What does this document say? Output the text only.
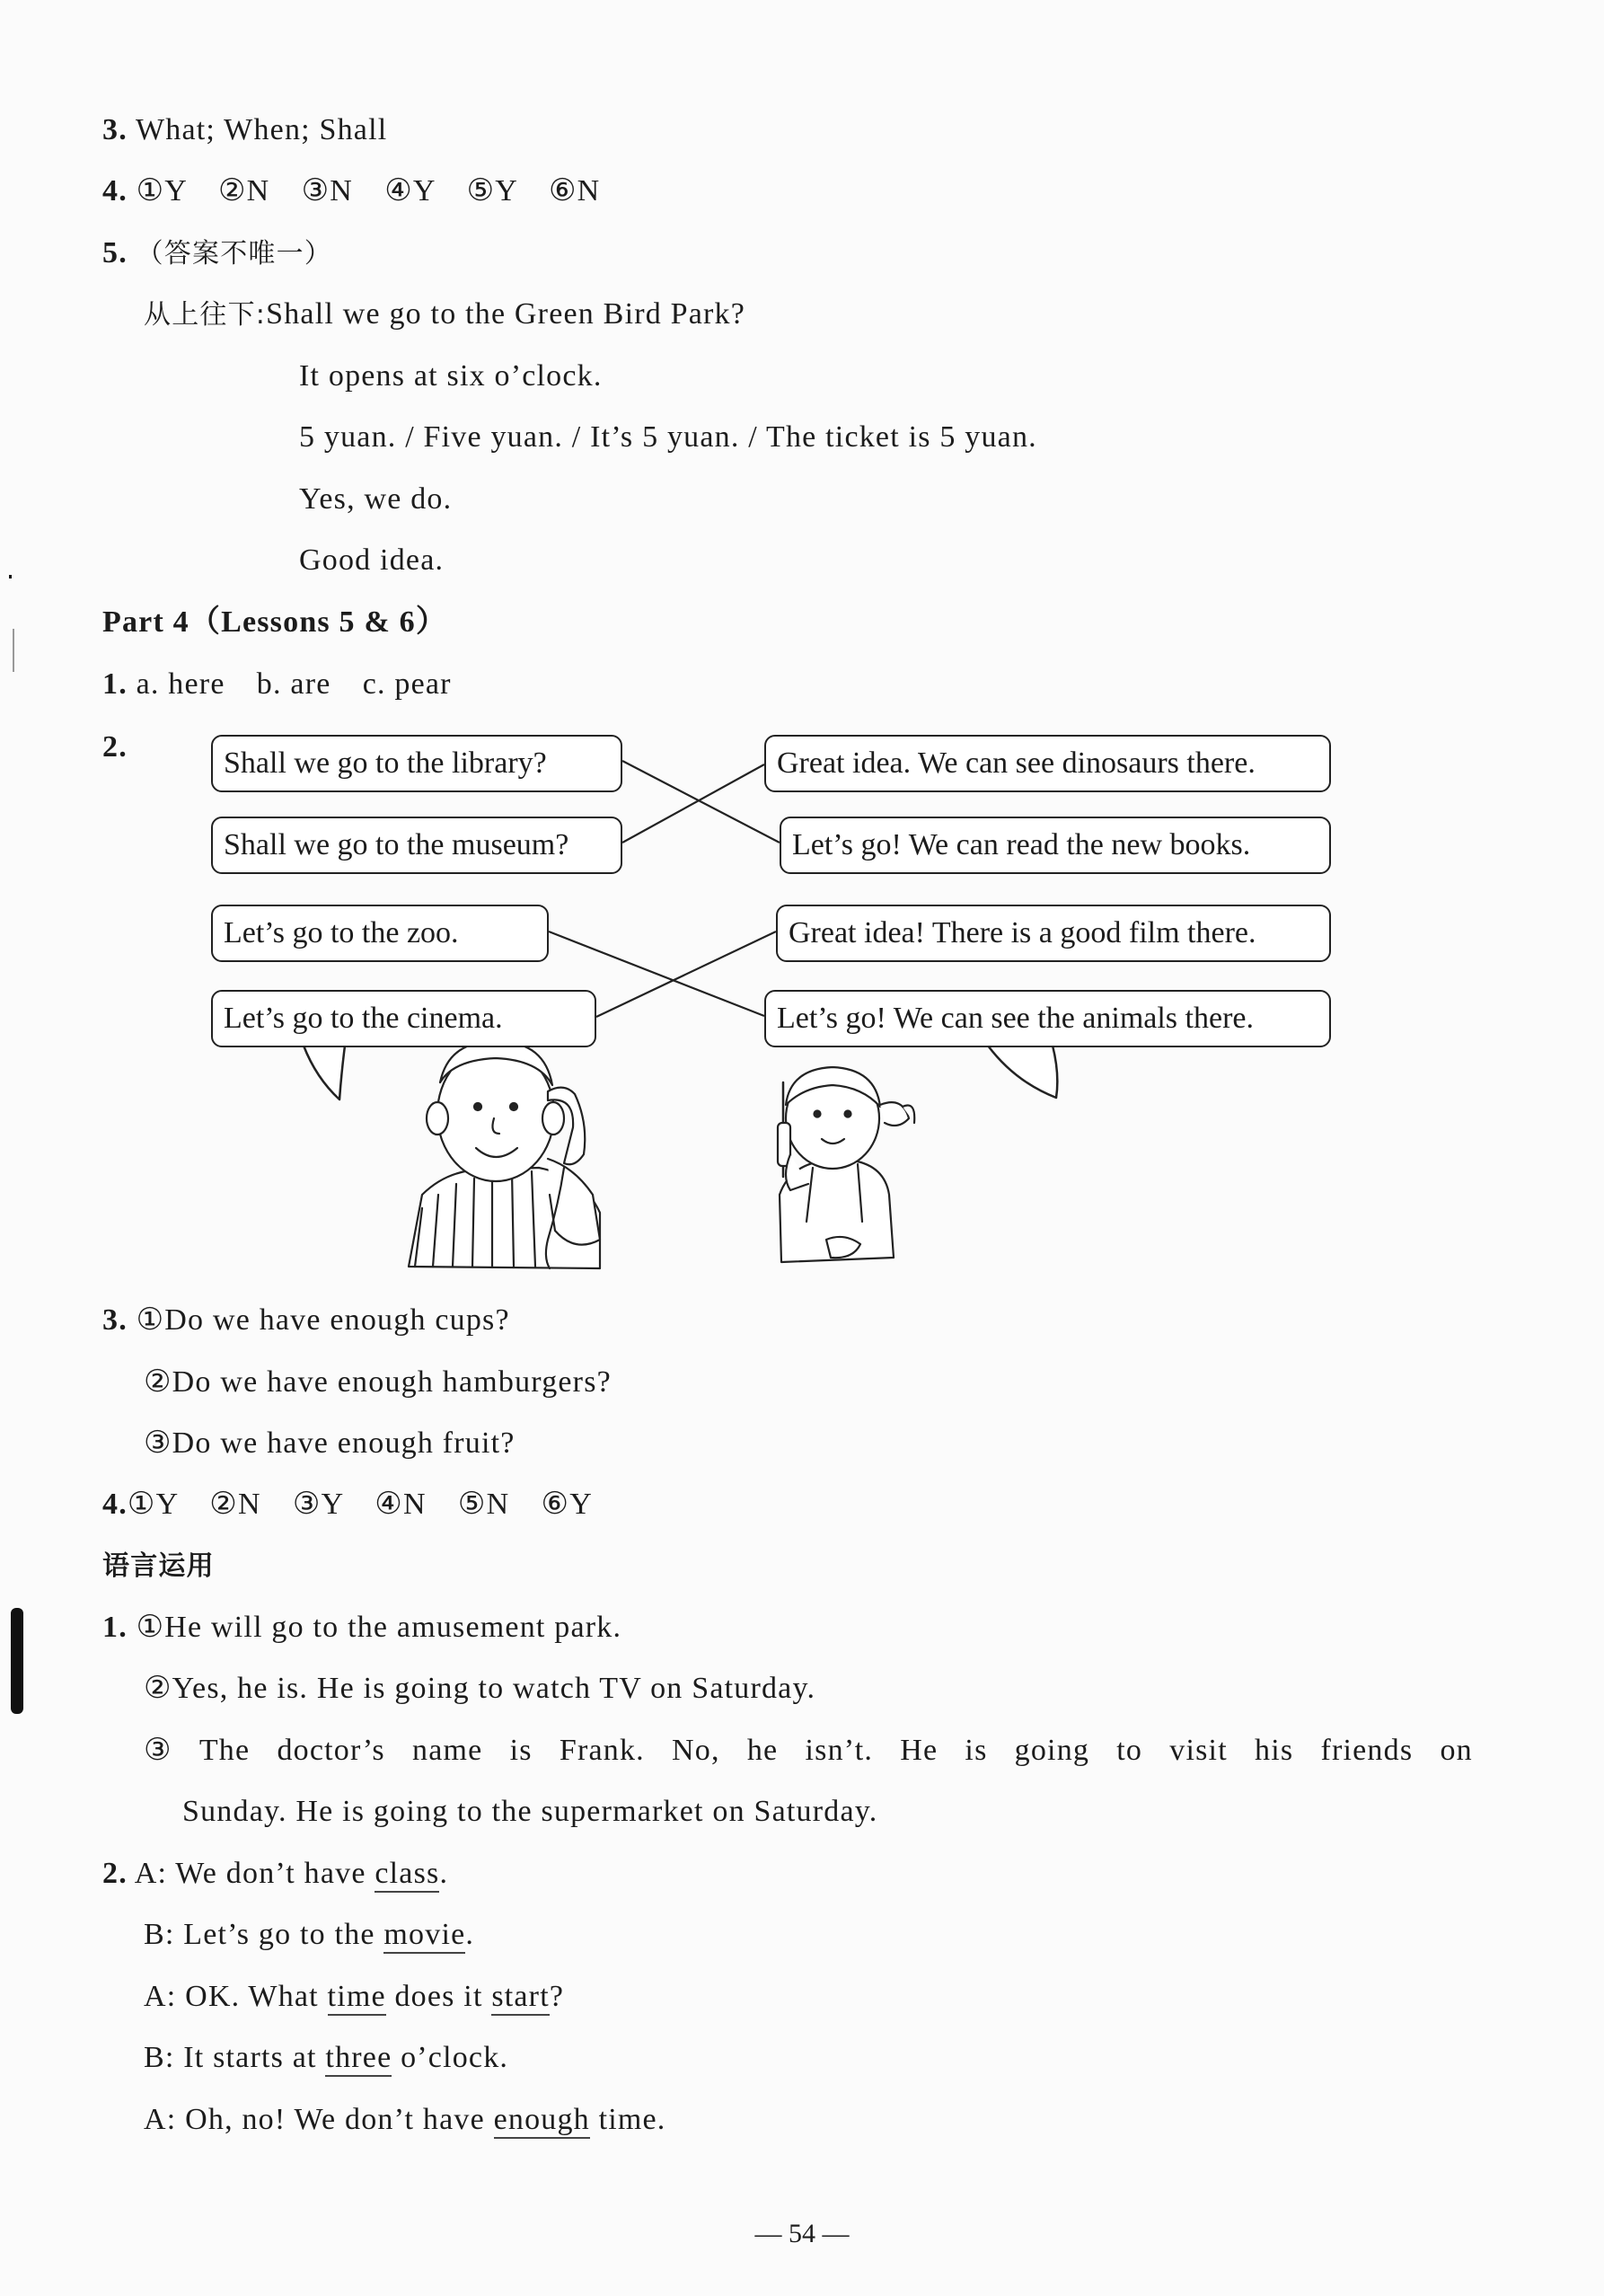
3. What; When; Shall
4. ①Y　②N　③N　④Y　⑤Y　⑥N
5. （答案不唯一）
从上往下:Shall we go to the Green Bird Park?
It opens at six o’clock.
5 yuan. / Five yuan. / It’s 5 yuan. / The ticket is 5 yuan.
Yes, we do.
Good idea.
Part 4（Lessons 5 & 6）
1. a. here　b. are　c. pear
2.	Shall we go to the library?
Shall we go to the museum?
Let’s go to the zoo.
Let’s go to the cinema.
Great idea. We can see dinosaurs there.
Let’s go! We can read the new books.
Great idea! There is a good film there.
Let’s go! We can see the animals there.
3. ①Do we have enough cups?
②Do we have enough hamburgers?
③Do we have enough fruit?
4.①Y　②N　③Y　④N　⑤N　⑥Y
语言运用
1. ①He will go to the amusement park.
②Yes, he is. He is going to watch TV on Saturday.
③ The doctor’s name is Frank. No, he isn’t. He is going to visit his friends on
Sunday. He is going to the supermarket on Saturday.
2. A: We don’t have class.
B: Let’s go to the movie.
A: OK. What time does it start?
B: It starts at three o’clock.
A: Oh, no! We don’t have enough time.
— 54 —
